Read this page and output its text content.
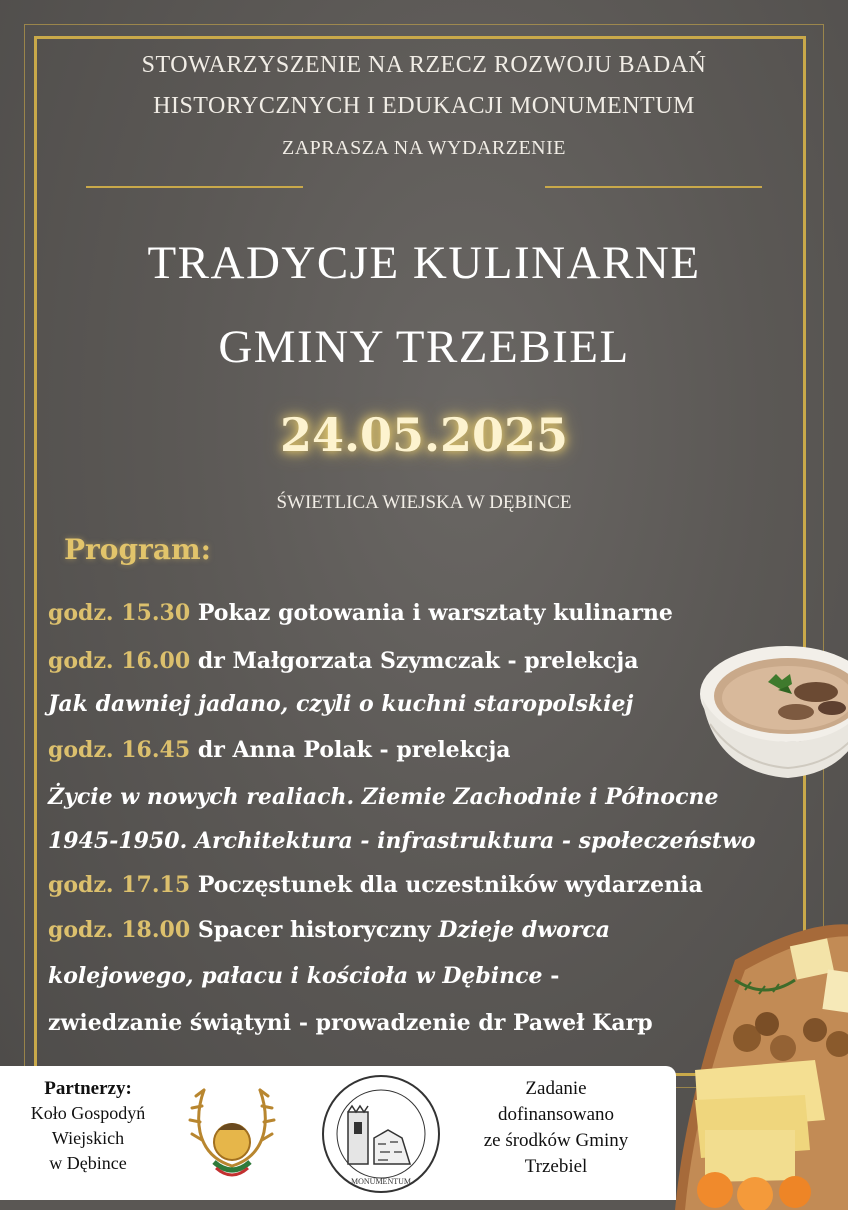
STOWARZYSZENIE NA RZECZ ROZWOJU BADAŃ
HISTORYCZNYCH I EDUKACJI MONUMENTUM
ZAPRASZA NA WYDARZENIE
TRADYCJE KULINARNE
GMINY TRZEBIEL
24.05.2025
ŚWIETLICA WIEJSKA W DĘBINCE
Program:
godz. 15.30 Pokaz gotowania i warsztaty kulinarne
godz. 16.00 dr Małgorzata Szymczak - prelekcja
Jak dawniej jadano, czyli o kuchni staropolskiej
godz. 16.45 dr Anna Polak - prelekcja
Życie w nowych realiach. Ziemie Zachodnie i Północne
1945-1950. Architektura - infrastruktura - społeczeństwo
godz. 17.15 Poczęstunek dla uczestników wydarzenia
godz. 18.00 Spacer historyczny Dzieje dworca
kolejowego, pałacu i kościoła w Dębince -
zwiedzanie świątyni - prowadzenie dr Paweł Karp
Partnerzy:
Koło Gospodyń
Wiejskich
w Dębince
MONUMENTUM
Zadanie
dofinansowano
ze środków Gminy
Trzebiel
